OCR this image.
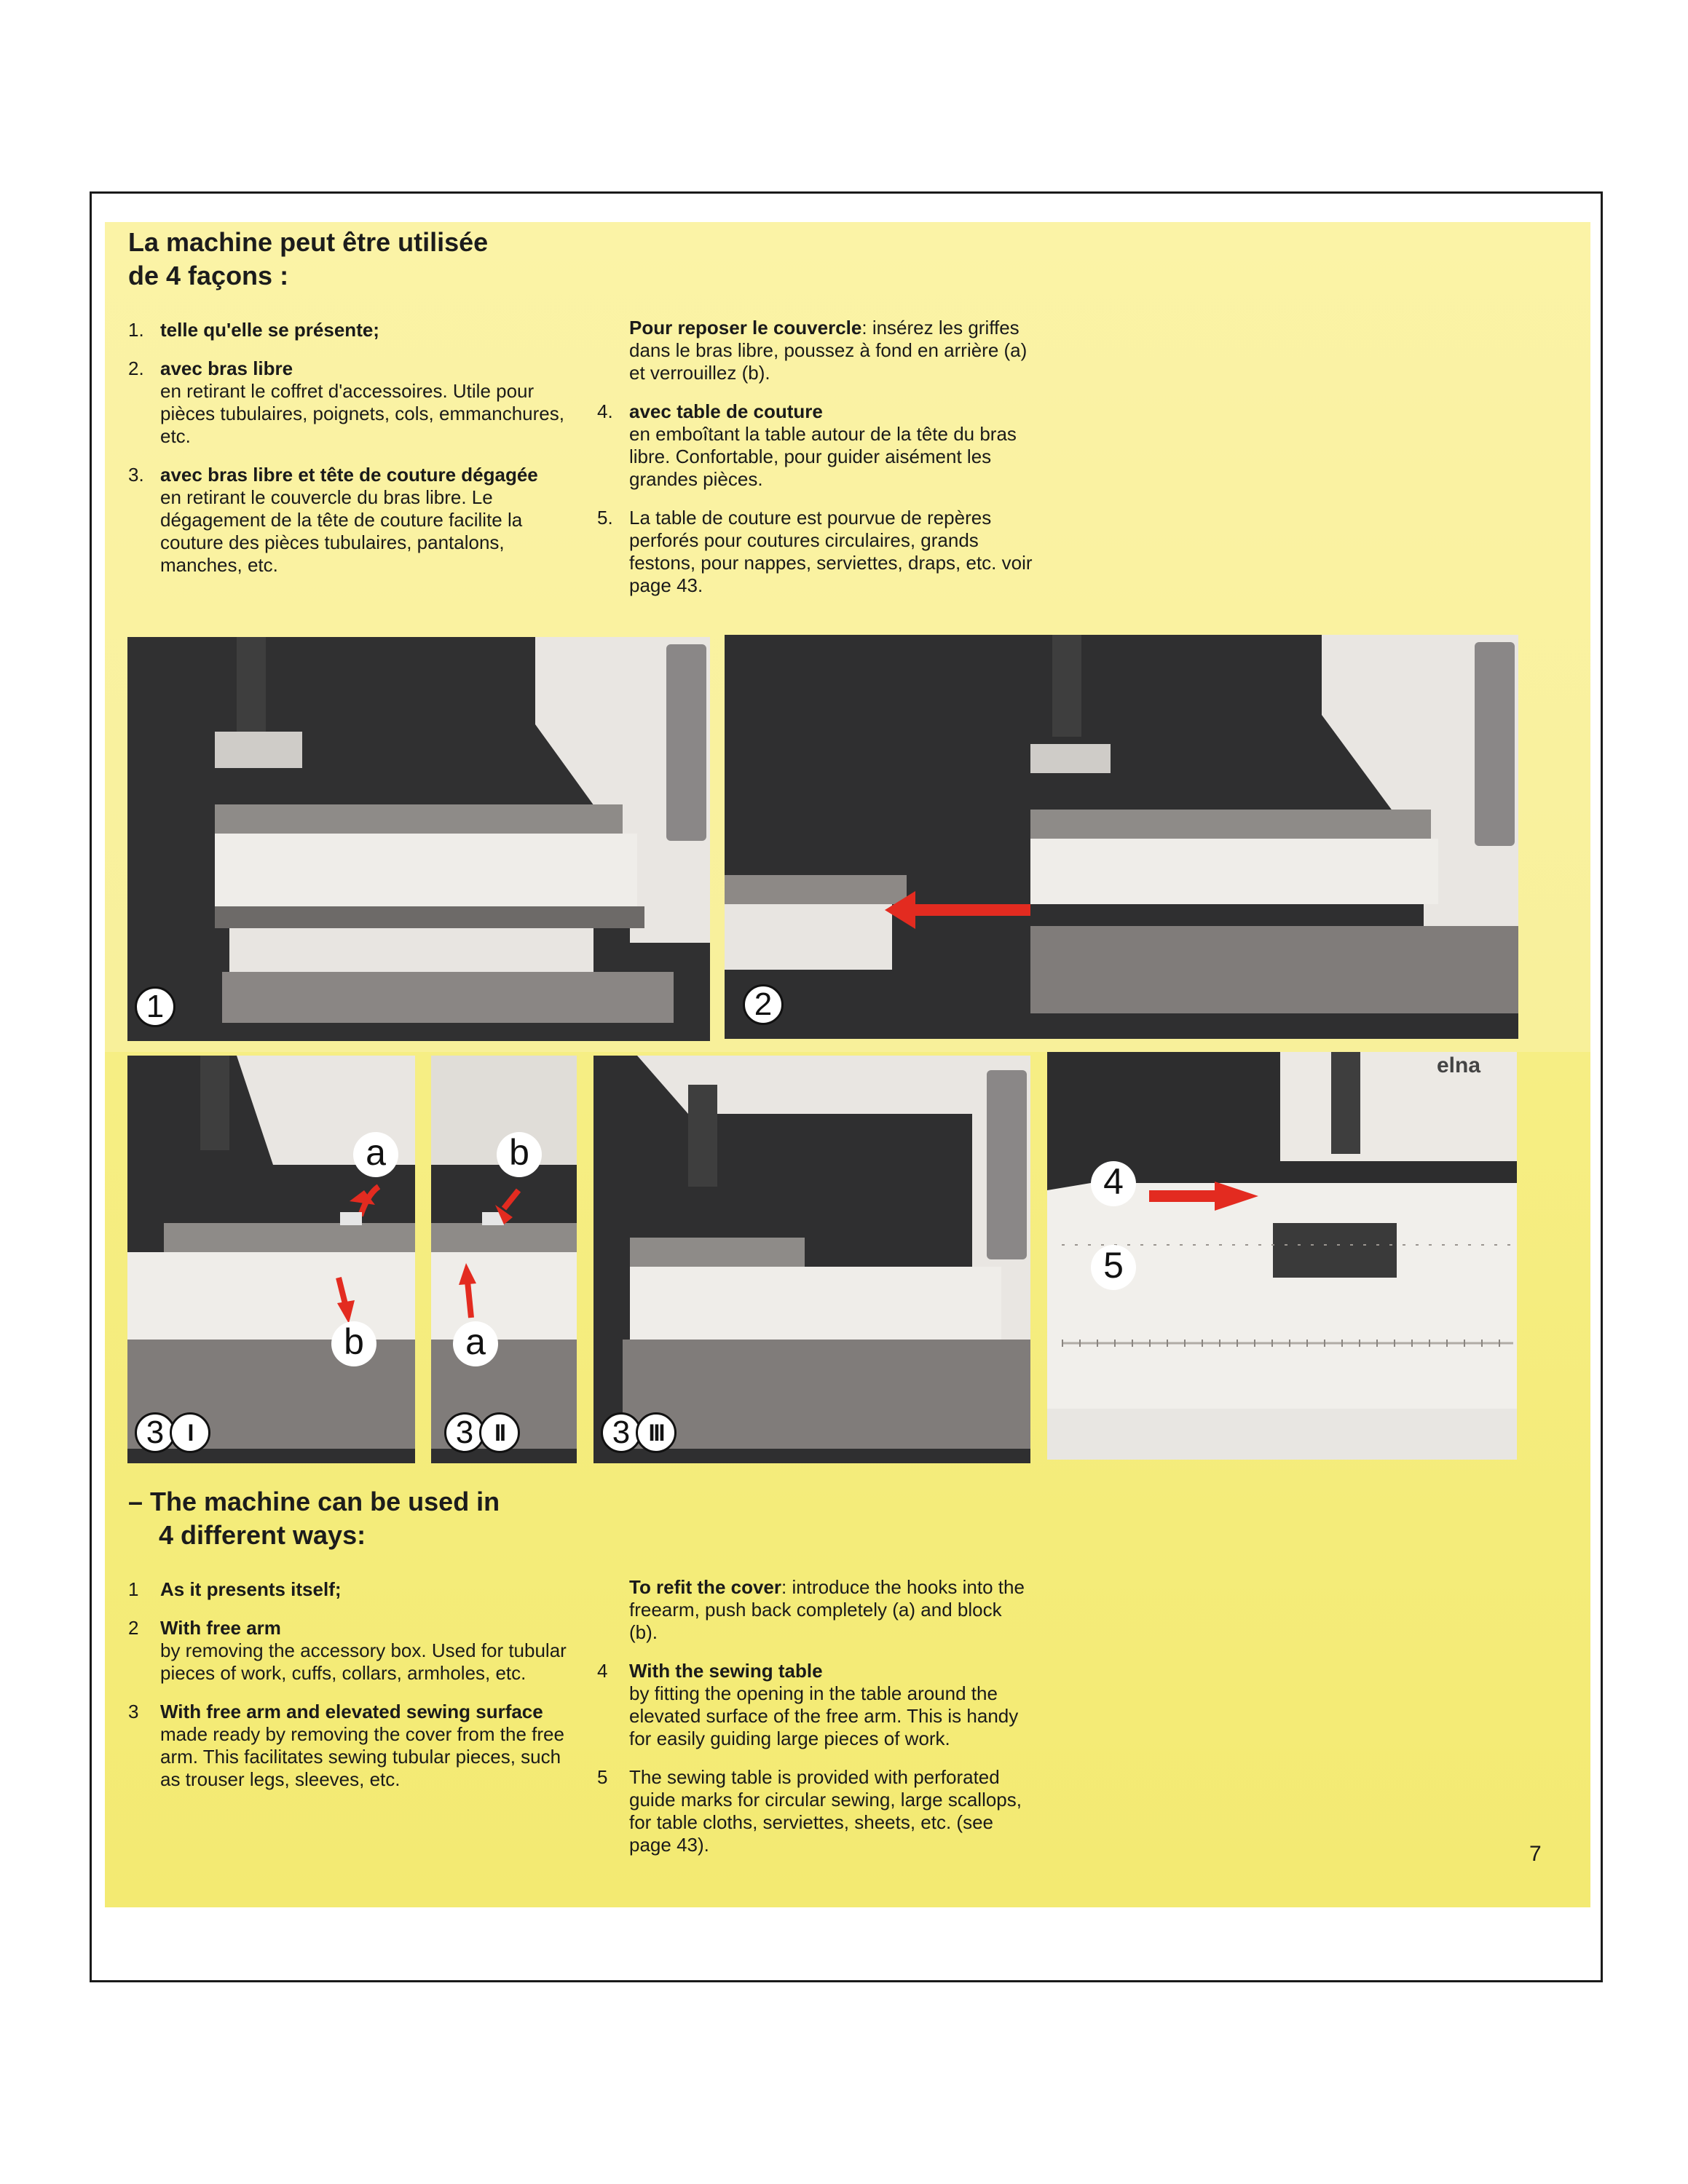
La machine peut être utilisée
de 4 façons :
1. telle qu'elle se présente;
2. avec bras libre
en retirant le coffret d'accessoires. Utile pour pièces tubulaires, poignets, cols, emmanchures, etc.
3. avec bras libre et tête de couture dégagée
en retirant le couvercle du bras libre. Le dégagement de la tête de couture facilite la couture des pièces tubulaires, pantalons, manches, etc.
Pour reposer le couvercle: insérez les griffes dans le bras libre, poussez à fond en arrière (a) et verrouillez (b).
4. avec table de couture
en emboîtant la table autour de la tête du bras libre. Confortable, pour guider aisément les grandes pièces.
5. La table de couture est pourvue de repères perforés pour coutures circulaires, grands festons, pour nappes, serviettes, draps, etc. voir page 43.
1	2
a
b
3	I
b
a
3 II	3 III
elna
4
5
– The machine can be used in
4 different ways:
1 As it presents itself;
2 With free arm
by removing the accessory box. Used for tubular pieces of work, cuffs, collars, armholes, etc.
3 With free arm and elevated sewing surface made ready by removing the cover from the free arm. This facilitates sewing tubular pieces, such as trouser legs, sleeves, etc.
To refit the cover: introduce the hooks into the freearm, push back completely (a) and block (b).
4 With the sewing table
by fitting the opening in the table around the elevated surface of the free arm. This is handy for easily guiding large pieces of work.
5 The sewing table is provided with perforated guide marks for circular sewing, large scallops, for table cloths, serviettes, sheets, etc. (see page 43).	7
